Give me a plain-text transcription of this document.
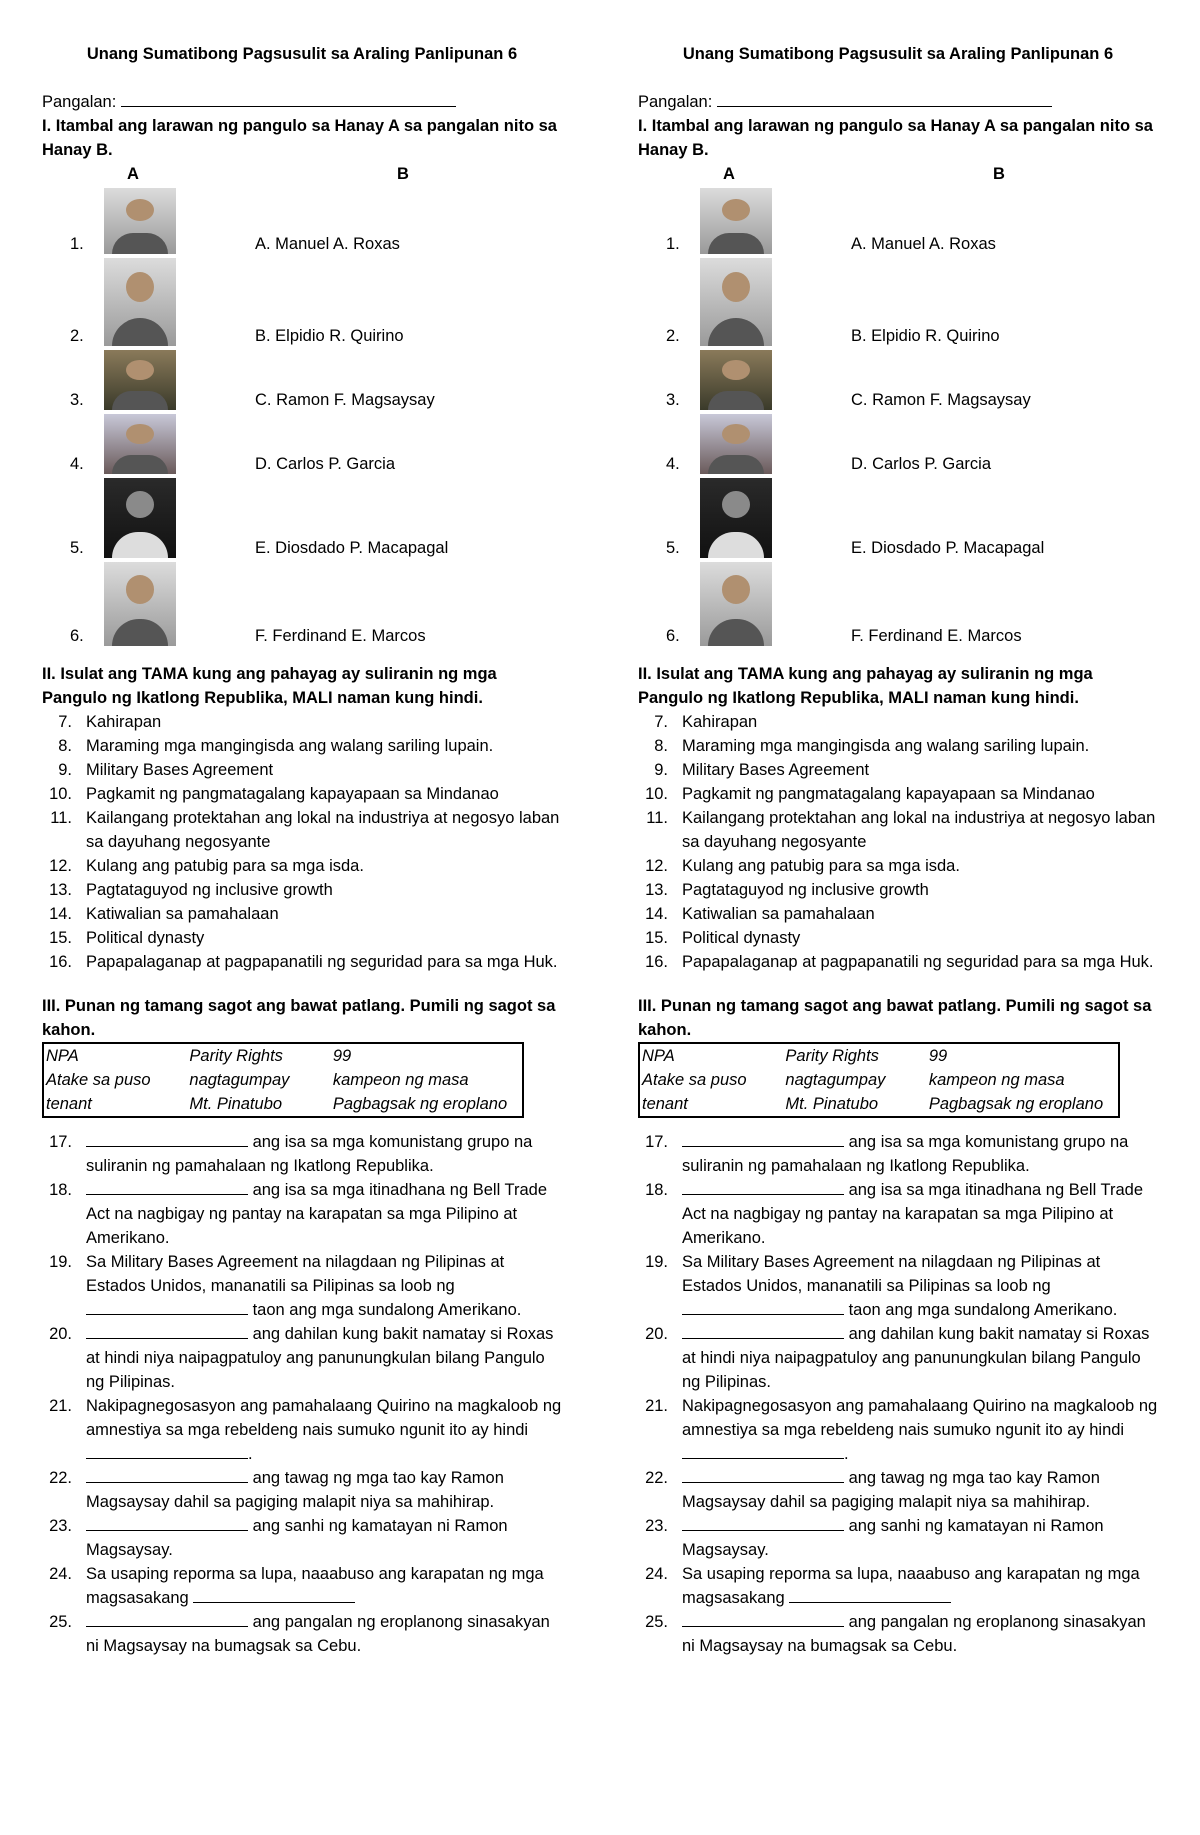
Unang Sumatibong Pagsusulit sa Araling Panlipunan 6
Pangalan:
I. Itambal ang larawan ng pangulo sa Hanay A sa pangalan nito sa Hanay B.
A	B
1.	A. Manuel A. Roxas
2.	B. Elpidio R. Quirino
3.	C. Ramon F. Magsaysay
4.	D. Carlos P. Garcia
5.	E. Diosdado P. Macapagal
6.	F. Ferdinand E. Marcos
II. Isulat ang TAMA kung ang pahayag ay suliranin ng mga Pangulo ng Ikatlong Republika, MALI naman kung hindi.
7. Kahirapan
8. Maraming mga mangingisda ang walang sariling lupain.
9. Military Bases Agreement
10. Pagkamit ng pangmatagalang kapayapaan sa Mindanao
11. Kailangang protektahan ang lokal na industriya at negosyo laban sa dayuhang negosyante
12. Kulang ang patubig para sa mga isda.
13. Pagtataguyod ng inclusive growth
14. Katiwalian sa pamahalaan
15. Political dynasty
16. Papapalaganap at pagpapanatili ng seguridad para sa mga Huk.
III. Punan ng tamang sagot ang bawat patlang. Pumili ng sagot sa kahon.
NPA	Parity Rights	99
Atake sa puso	nagtagumpay	kampeon ng masa
tenant	Mt. Pinatubo	Pagbagsak ng eroplano
17.	ang isa sa mga komunistang grupo na suliranin ng pamahalaan ng Ikatlong Republika.
18.	ang isa sa mga itinadhana ng Bell Trade Act na nagbigay ng pantay na karapatan sa mga Pilipino at Amerikano.
19. Sa Military Bases Agreement na nilagdaan ng Pilipinas at Estados Unidos, mananatili sa Pilipinas sa loob ng  taon ang mga sundalong Amerikano.
20.	ang dahilan kung bakit namatay si Roxas at hindi niya naipagpatuloy ang panunungkulan bilang Pangulo ng Pilipinas.
21. Nakipagnegosasyon ang pamahalaang Quirino na magkaloob ng amnestiya sa mga rebeldeng nais sumuko ngunit ito ay hindi .
22.	ang tawag ng mga tao kay Ramon Magsaysay dahil sa pagiging malapit niya sa mahihirap.
23.	ang sanhi ng kamatayan ni Ramon Magsaysay.
24. Sa usaping reporma sa lupa, naaabuso ang karapatan ng mga magsasakang
25.	ang pangalan ng eroplanong sinasakyan ni Magsaysay na bumagsak sa Cebu.
Unang Sumatibong Pagsusulit sa Araling Panlipunan 6
Pangalan:
I. Itambal ang larawan ng pangulo sa Hanay A sa pangalan nito sa Hanay B.
A	B
1.	A. Manuel A. Roxas
2.	B. Elpidio R. Quirino
3.	C. Ramon F. Magsaysay
4.	D. Carlos P. Garcia
5.	E. Diosdado P. Macapagal
6.	F. Ferdinand E. Marcos
II. Isulat ang TAMA kung ang pahayag ay suliranin ng mga Pangulo ng Ikatlong Republika, MALI naman kung hindi.
7. Kahirapan
8. Maraming mga mangingisda ang walang sariling lupain.
9. Military Bases Agreement
10. Pagkamit ng pangmatagalang kapayapaan sa Mindanao
11. Kailangang protektahan ang lokal na industriya at negosyo laban sa dayuhang negosyante
12. Kulang ang patubig para sa mga isda.
13. Pagtataguyod ng inclusive growth
14. Katiwalian sa pamahalaan
15. Political dynasty
16. Papapalaganap at pagpapanatili ng seguridad para sa mga Huk.
III. Punan ng tamang sagot ang bawat patlang. Pumili ng sagot sa kahon.
NPA	Parity Rights	99
Atake sa puso	nagtagumpay	kampeon ng masa
tenant	Mt. Pinatubo	Pagbagsak ng eroplano
17.	ang isa sa mga komunistang grupo na suliranin ng pamahalaan ng Ikatlong Republika.
18.	ang isa sa mga itinadhana ng Bell Trade Act na nagbigay ng pantay na karapatan sa mga Pilipino at Amerikano.
19. Sa Military Bases Agreement na nilagdaan ng Pilipinas at Estados Unidos, mananatili sa Pilipinas sa loob ng  taon ang mga sundalong Amerikano.
20.	ang dahilan kung bakit namatay si Roxas at hindi niya naipagpatuloy ang panunungkulan bilang Pangulo ng Pilipinas.
21. Nakipagnegosasyon ang pamahalaang Quirino na magkaloob ng amnestiya sa mga rebeldeng nais sumuko ngunit ito ay hindi .
22.	ang tawag ng mga tao kay Ramon Magsaysay dahil sa pagiging malapit niya sa mahihirap.
23.	ang sanhi ng kamatayan ni Ramon Magsaysay.
24. Sa usaping reporma sa lupa, naaabuso ang karapatan ng mga magsasakang
25.	ang pangalan ng eroplanong sinasakyan ni Magsaysay na bumagsak sa Cebu.
